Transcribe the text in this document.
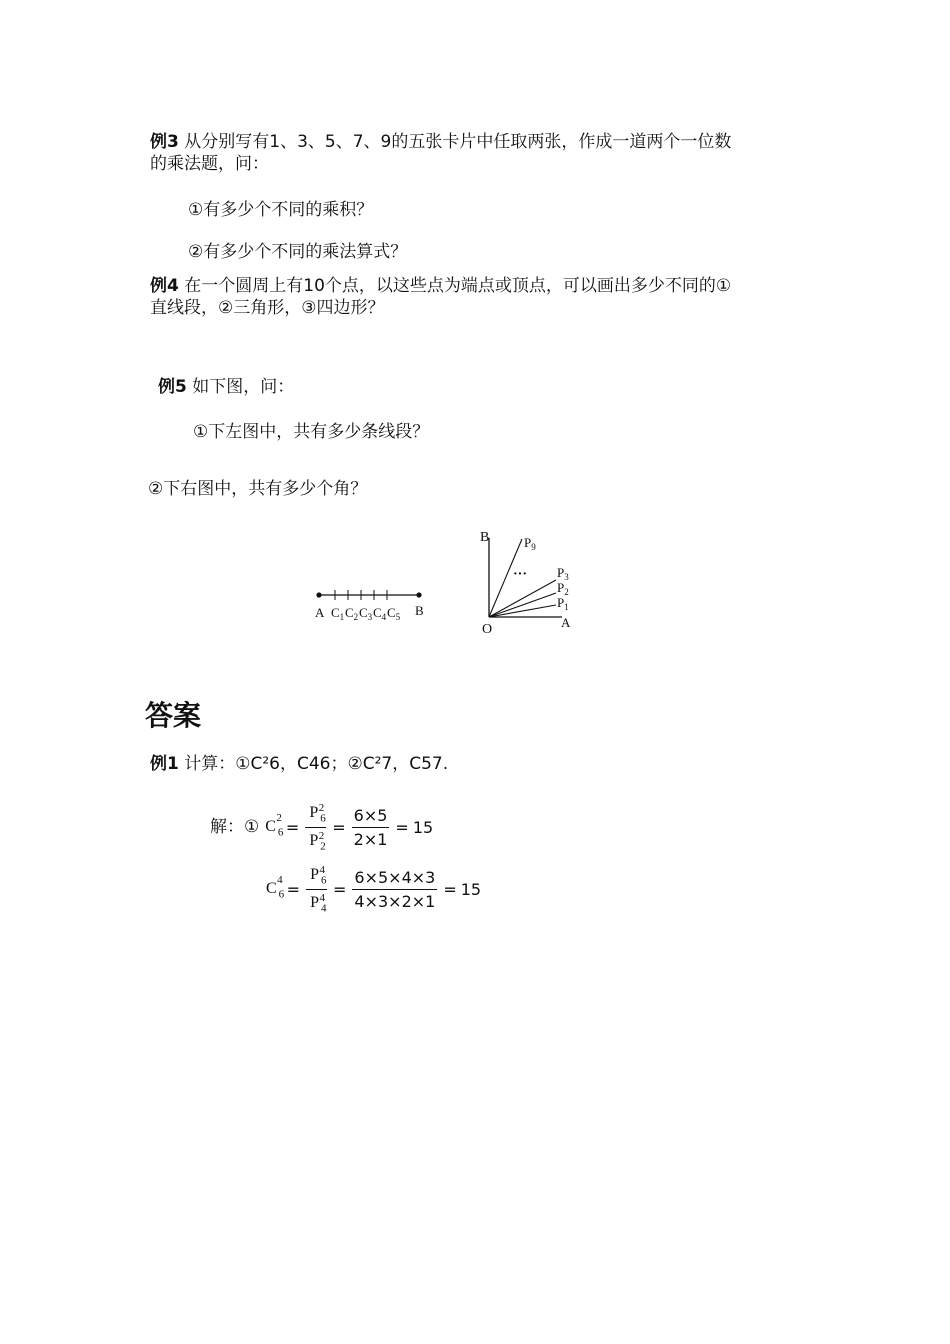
例3 从分别写有1、3、5、7、9的五张卡片中任取两张，作成一道两个一位数
的乘法题，问：
①有多少个不同的乘积？
②有多少个不同的乘法算式？
例4 在一个圆周上有10个点，以这些点为端点或顶点，可以画出多少不同的①
直线段，②三角形，③四边形？
例5 如下图，问：
①下左图中，共有多少条线段？
②下右图中，共有多少个角？
A	B
$C_1$ $C_2$ $C_3$ $C_4$ $C_5$
B
O	A
···
$P_9$
$P_3$
$P_2$
$P_1$
答案
例1 计算：①C²6，C46；②C²7，C57.
解：① C $_6^2 = \frac{P _6^2}{P _2^2} = \frac{6\times 5}{2\times 1} = 15$
C $_6^4 = \frac{P _6^4}{P _4^4} = \frac{6\times 5\times 4\times 3}{4\times 3\times 2\times 1} = 15$
